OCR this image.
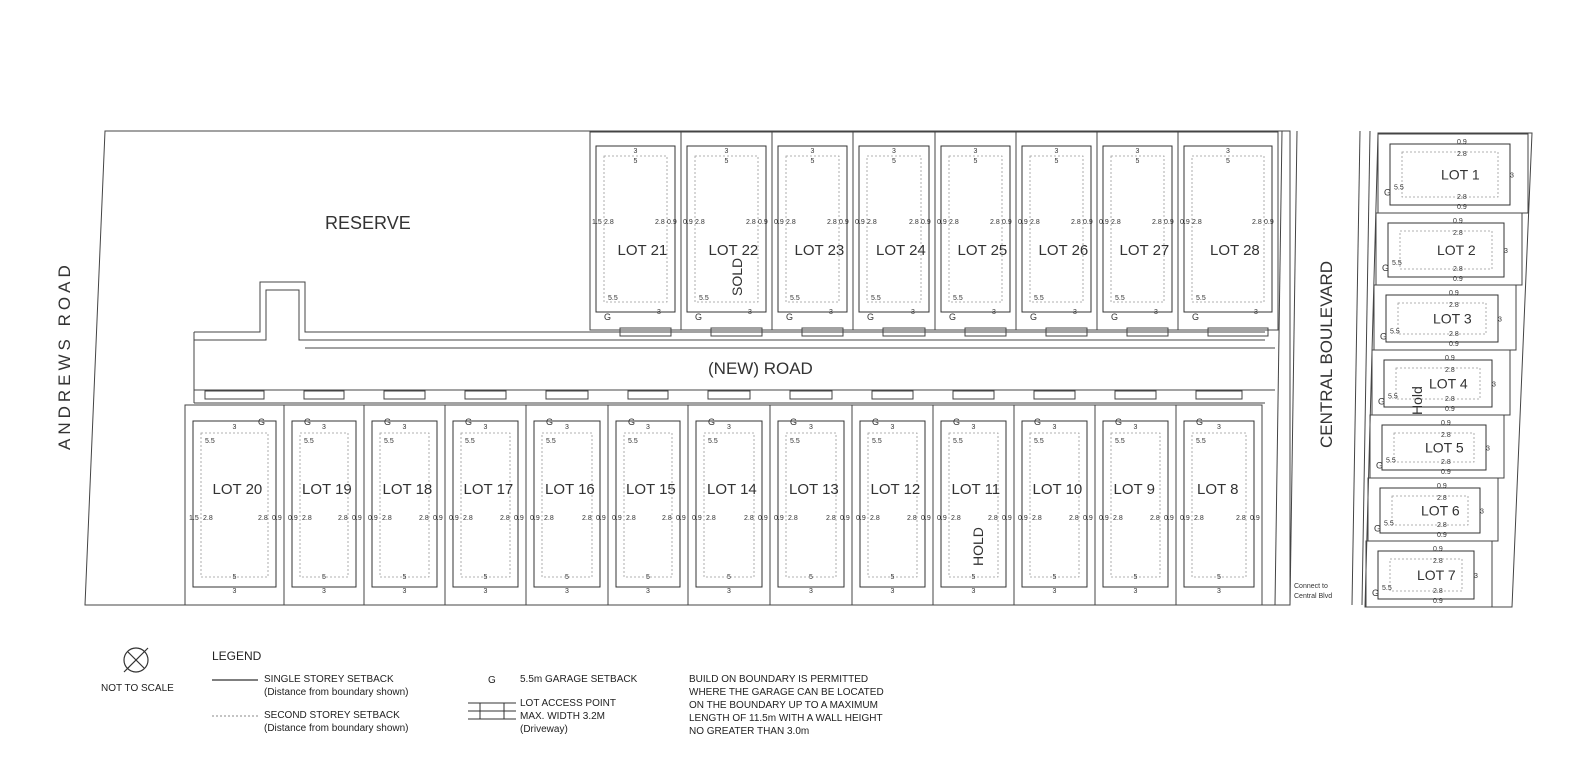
LOT 21
3
5
0.9
1.5 2.8	2.8
5.5
3
G
LOT 22
3
5
0.9
0.9 2.8	2.8
5.5
3
G
LOT 23
3
5
0.9
0.9 2.8	2.8
5.5
3
G
LOT 24
3
5
0.9
0.9 2.8	2.8
5.5
3
G
LOT 25
3
5
0.9
0.9 2.8	2.8
5.5
3
G
LOT 26
3
5
0.9
0.9 2.8	2.8
5.5
3
G
LOT 27
3
5
0.9
0.9 2.8	2.8
5.5
3
G
LOT 28
3
5
0.9
0.9 2.8	2.8
5.5
3
G
LOT 20
3
5
0.9
1.5 2.8	2.8
5.5
3
G
LOT 19
3
5
0.9
0.9 2.8	2.8
5.5
3
G
LOT 18
3
5
0.9
0.9 2.8	2.8
5.5
3
G
LOT 17
3
5
0.9
0.9 2.8	2.8
5.5
3
G
LOT 16
3
5
0.9
0.9 2.8	2.8
5.5
3
G
LOT 15
3
5
0.9
0.9 2.8	2.8
5.5
3
G
LOT 14
3
5
0.9
0.9 2.8	2.8
5.5
3
G
LOT 13
3
5
0.9
0.9 2.8	2.8
5.5
3
G
LOT 12
3
5
0.9
0.9 2.8	2.8
5.5
3
G
LOT 11
3
5
0.9
0.9 2.8	2.8
5.5
3
G
LOT 10
3
5
0.9
0.9 2.8	2.8
5.5
3
G
LOT 9
3
5
0.9
0.9 2.8	2.8
5.5
3
G
LOT 8
3
5
0.9
0.9 2.8	2.8
5.5
3
G
LOT 1
0.9
0.9
2.8
2.8
3
5.5
G
LOT 2
0.9
0.9
2.8
2.8
3
5.5
G
LOT 3
0.9
0.9
2.8
2.8
3
5.5
G
LOT 4
0.9
0.9
2.8
2.8
3
5.5
G
LOT 5
0.9
0.9
2.8
2.8
3
5.5
G
LOT 6
0.9
0.9
2.8
2.8
3
5.5
G
LOT 7
0.9
0.9
2.8
2.8
3
5.5
G
ANDREWS ROAD
RESERVE
(NEW) ROAD	CENTRAL BOULEVARD
Connect to
Central Blvd
SOLD
HOLD
Hold
NOT TO SCALE
LEGEND
SINGLE STOREY SETBACK
(Distance from boundary shown)
SECOND STOREY SETBACK
(Distance from boundary shown)
G 5.5m GARAGE SETBACK
LOT ACCESS POINT
MAX. WIDTH 3.2M
(Driveway)
BUILD ON BOUNDARY IS PERMITTED
WHERE THE GARAGE CAN BE LOCATED
ON THE BOUNDARY UP TO A MAXIMUM
LENGTH OF 11.5m WITH A WALL HEIGHT
NO GREATER THAN 3.0m
